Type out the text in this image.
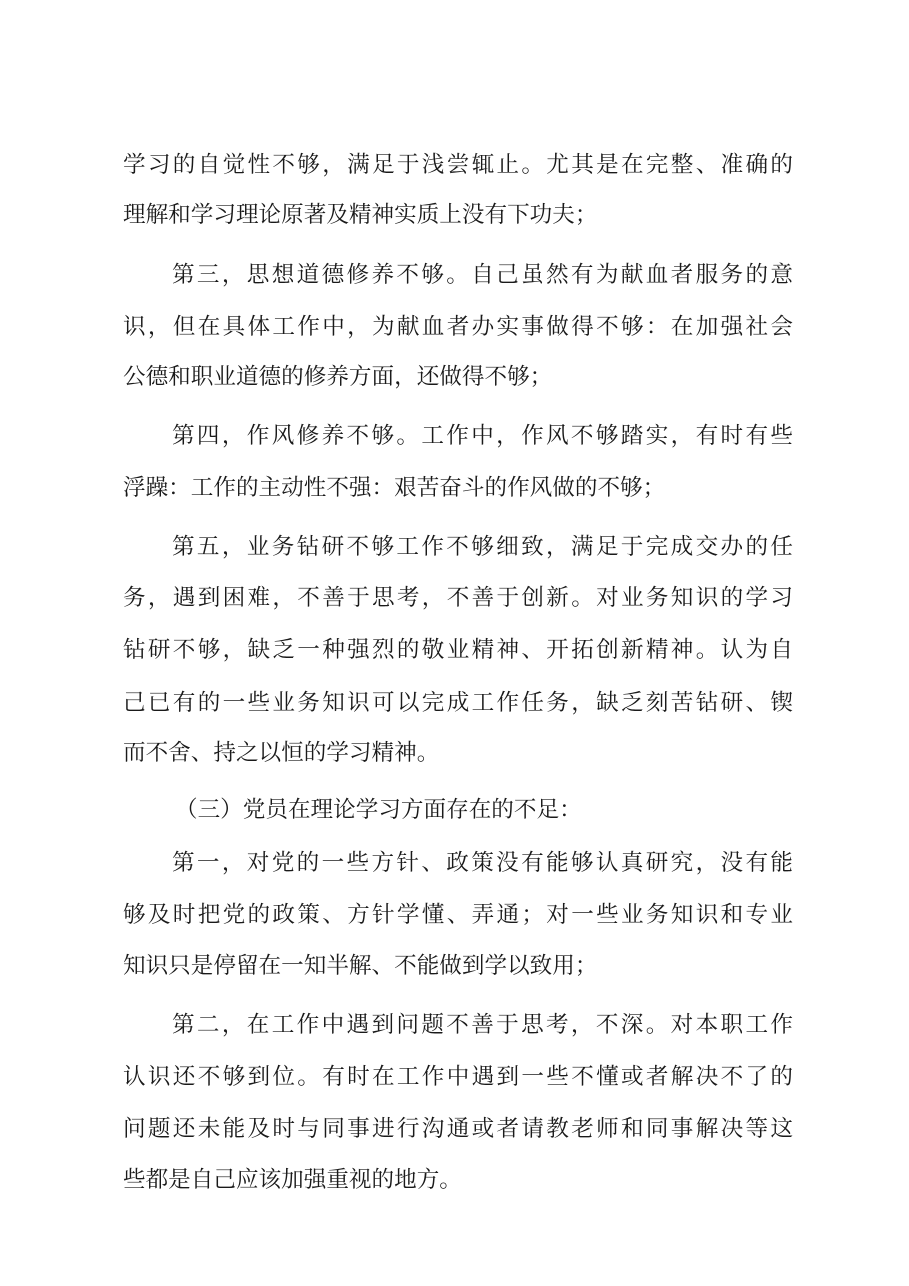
学习的自觉性不够，满足于浅尝辄止。尤其是在完整、准确的
理解和学习理论原著及精神实质上没有下功夫；
第三，思想道德修养不够。自己虽然有为献血者服务的意
识，但在具体工作中，为献血者办实事做得不够：在加强社会
公德和职业道德的修养方面，还做得不够；
第四，作风修养不够。工作中，作风不够踏实，有时有些
浮躁：工作的主动性不强：艰苦奋斗的作风做的不够；
第五，业务钻研不够工作不够细致，满足于完成交办的任
务，遇到困难，不善于思考，不善于创新。对业务知识的学习
钻研不够，缺乏一种强烈的敬业精神、开拓创新精神。认为自
己已有的一些业务知识可以完成工作任务，缺乏刻苦钻研、锲
而不舍、持之以恒的学习精神。
（三）党员在理论学习方面存在的不足：
第一，对党的一些方针、政策没有能够认真研究，没有能
够及时把党的政策、方针学懂、弄通；对一些业务知识和专业
知识只是停留在一知半解、不能做到学以致用；
第二，在工作中遇到问题不善于思考，不深。对本职工作
认识还不够到位。有时在工作中遇到一些不懂或者解决不了的
问题还未能及时与同事进行沟通或者请教老师和同事解决等这
些都是自己应该加强重视的地方。
